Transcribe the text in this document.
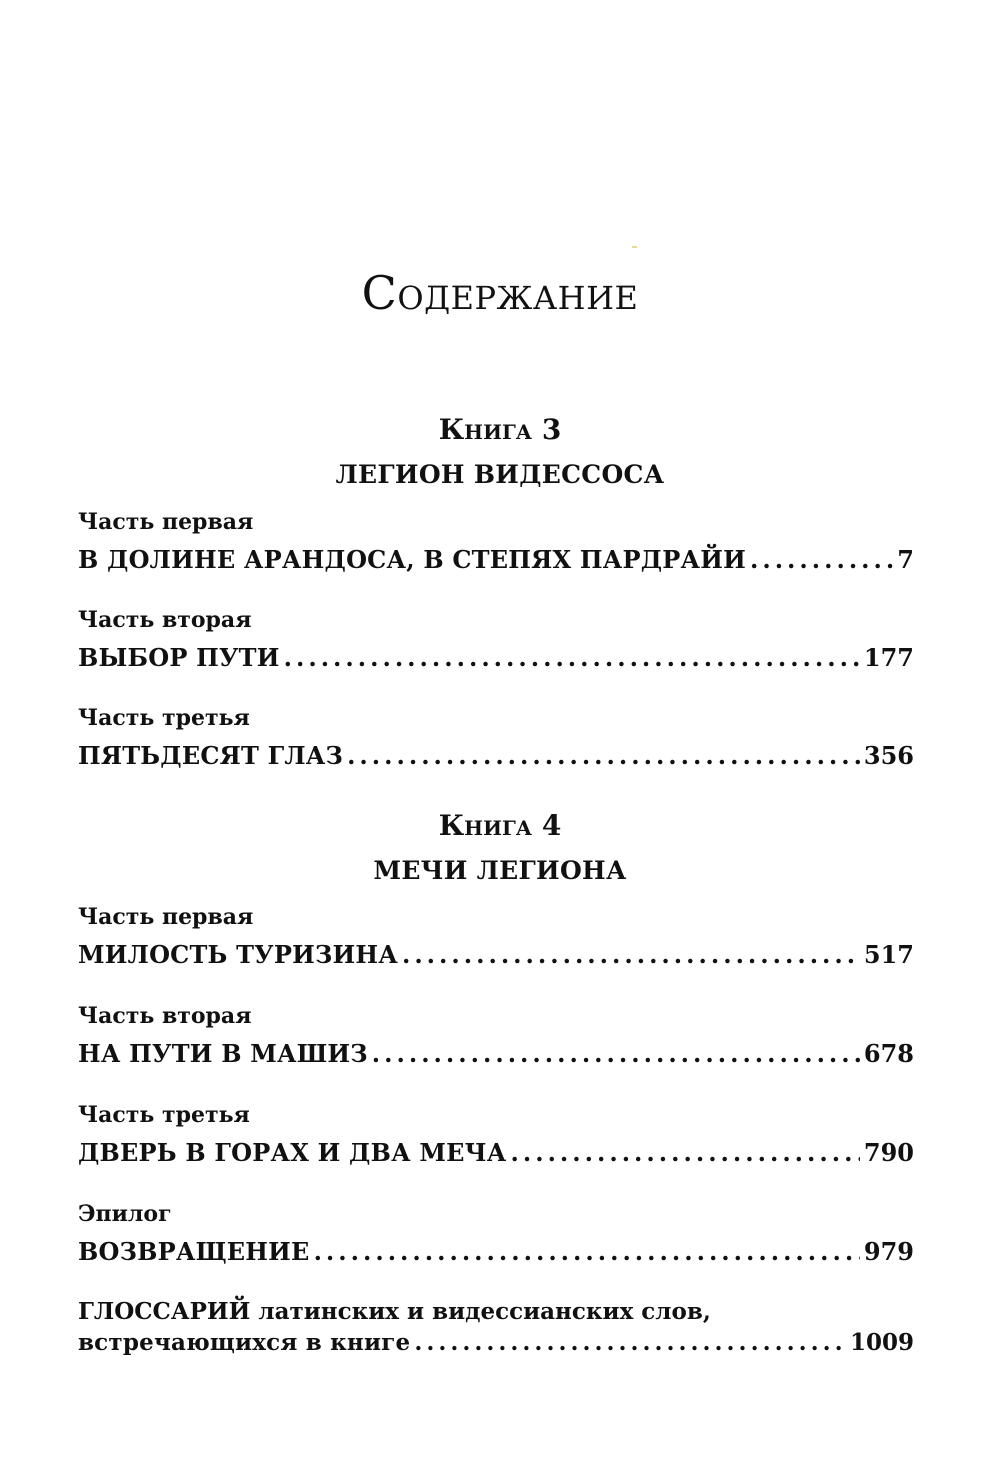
Содержание
Книга 3
ЛЕГИОН ВИДЕССОСА
Часть первая
В ДОЛИНЕ АРАНДОСА, В СТЕПЯХ ПАРДРАЙИ .....	7
Часть вторая
ВЫБОР ПУТИ .....	177
Часть третья
ПЯТЬДЕСЯТ ГЛАЗ .....	356
Книга 4
МЕЧИ ЛЕГИОНА
Часть первая
МИЛОСТЬ ТУРИЗИНА .....	517
Часть вторая
НА ПУТИ В МАШИЗ .....	678
Часть третья
ДВЕРЬ В ГОРАХ И ДВА МЕЧА .....	790
Эпилог
ВОЗВРАЩЕНИЕ .....	979
ГЛОССАРИЙ латинских и видессианских слов,
встречающихся в книге .....	1009
